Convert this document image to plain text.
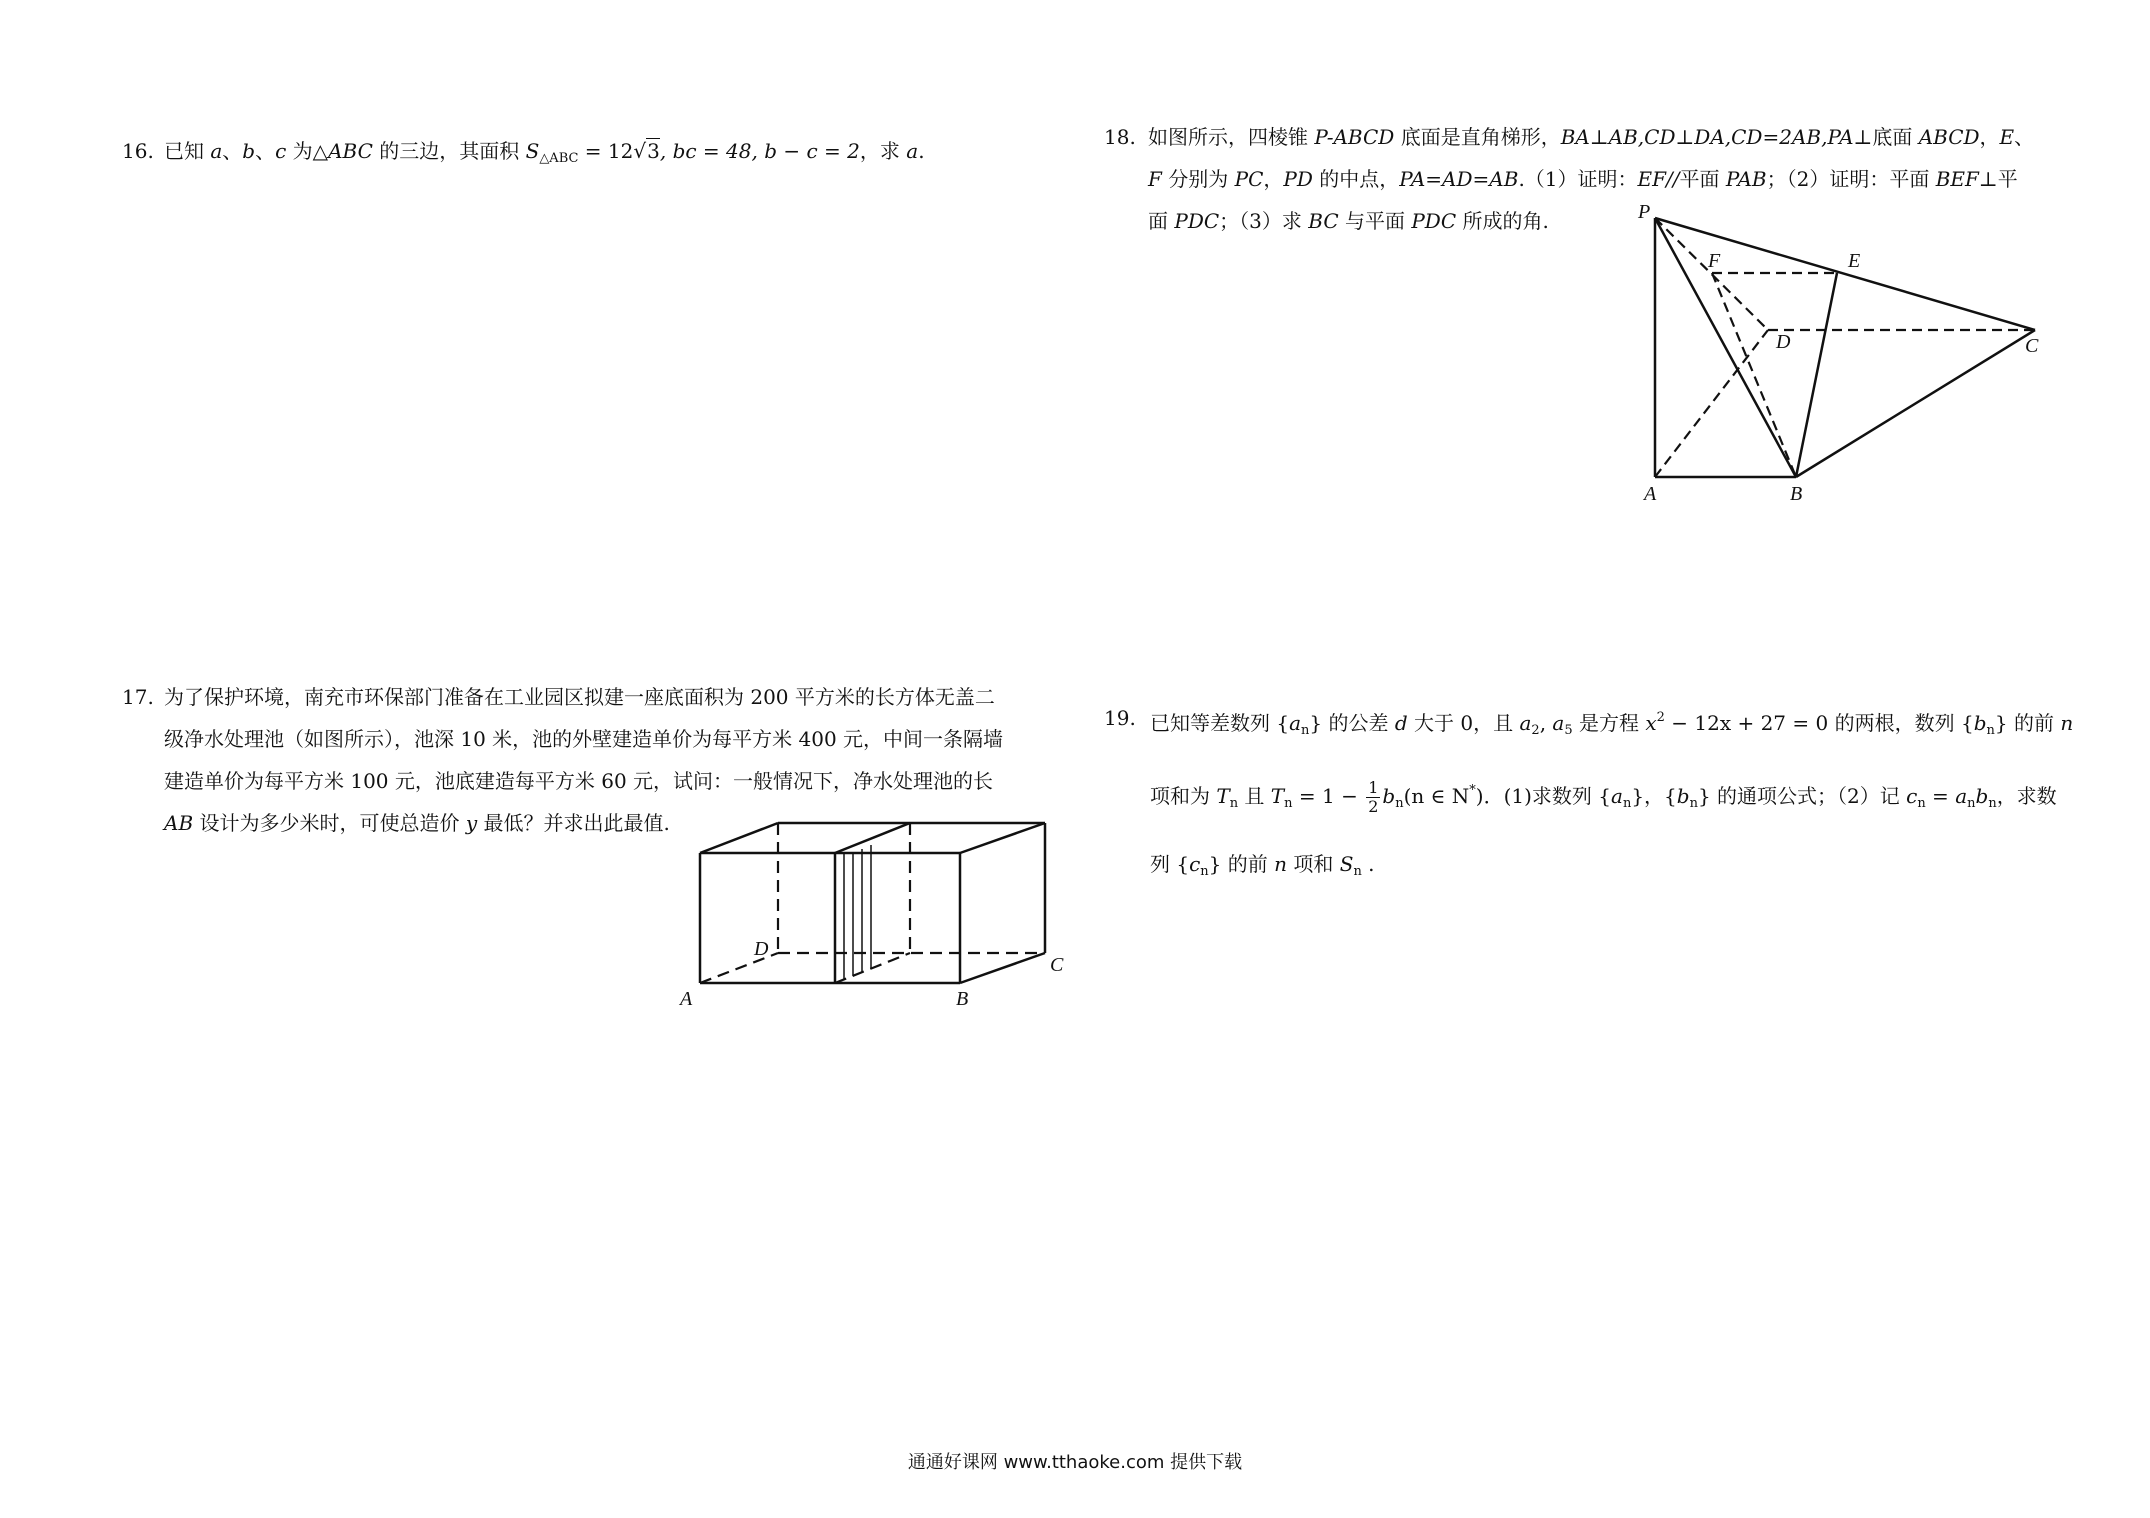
16. 已知 a、b、c 为△ABC 的三边，其面积 $S_{\triangle ABC} = 12√3$, bc = 48, b − c = 2，求 a.
17. 为了保护环境，南充市环保部门准备在工业园区拟建一座底面积为 200 平方米的长方体无盖二
级净水处理池（如图所示），池深 10 米，池的外壁建造单价为每平方米 400 元，中间一条隔墙
建造单价为每平方米 100 元，池底建造每平方米 60 元，试问：一般情况下，净水处理池的长
AB 设计为多少米时，可使总造价 y 最低？并求出此最值.
A	B
C
D
18. 如图所示，四棱锥 P-ABCD 底面是直角梯形，BA⊥AB,CD⊥DA,CD=2AB,PA⊥底面 ABCD，E、
F 分别为 PC，PD 的中点，PA=AD=AB.（1）证明：EF//平面 PAB；（2）证明：平面 BEF⊥平
面 PDC；（3）求 BC 与平面 PDC 所成的角.	P
F	E
D	C
A	B
19. 已知等差数列 $\{a_n\}$ 的公差 d 大于 0，且 $a_2$, $a_5$ 是方程 $x^2 - 12x + 27 = 0$ 的两根，数列 $\{b_n\}$ 的前 n
项和为 $T_n$ 且 $T_n = 1 - \frac{1}{2} b_n(n$ ∈ N*)．(1)求数列 $\{a_n\}$，$\{b_n\}$ 的通项公式；（2）记 $c_n = a_nb_n$，求数
列 $\{c_n\}$ 的前 n 项和 $S_n$ .
通通好课网 www.tthaoke.com 提供下载
